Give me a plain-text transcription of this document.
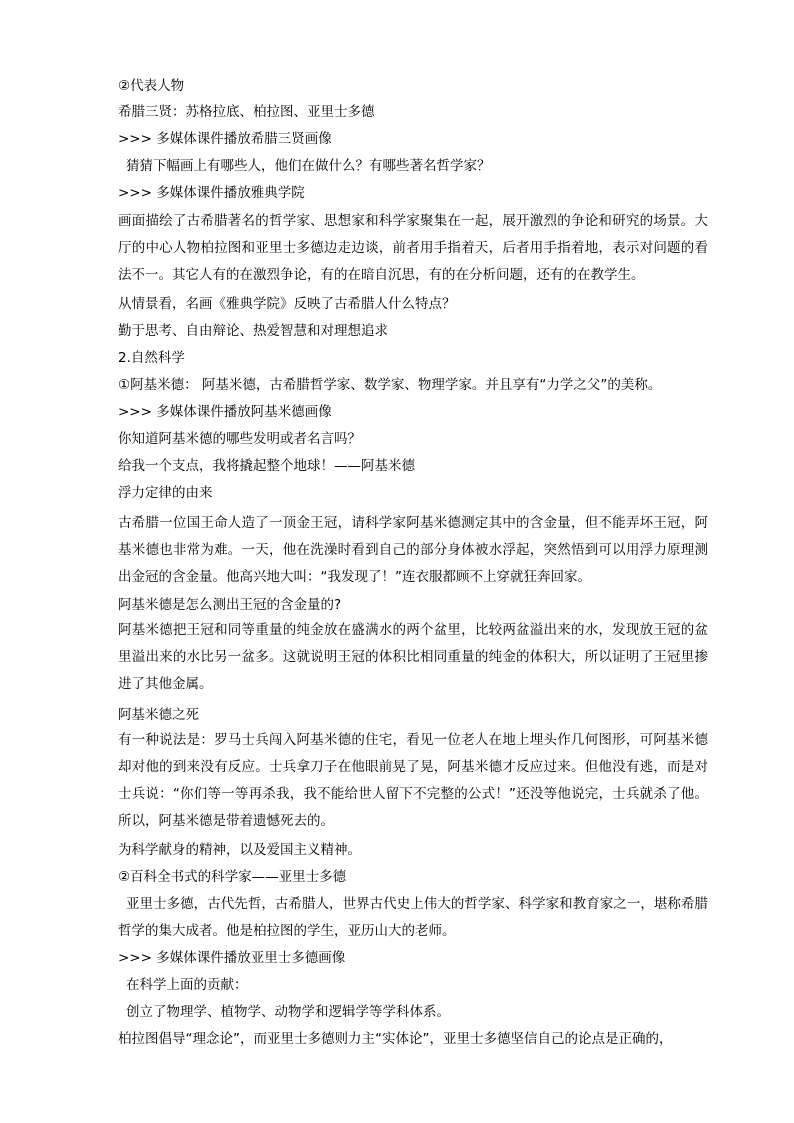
②代表人物
希腊三贤：苏格拉底、柏拉图、亚里士多德
>>> 多媒体课件播放希腊三贤画像
猜猜下幅画上有哪些人，他们在做什么？有哪些著名哲学家？
>>> 多媒体课件播放雅典学院
画面描绘了古希腊著名的哲学家、思想家和科学家聚集在一起，展开激烈的争论和研究的场景。大厅的中心人物柏拉图和亚里士多德边走边谈，前者用手指着天，后者用手指着地，表示对问题的看法不一。其它人有的在激烈争论，有的在暗自沉思，有的在分析问题，还有的在教学生。
从情景看，名画《雅典学院》反映了古希腊人什么特点？
勤于思考、自由辩论、热爱智慧和对理想追求
2.自然科学
①阿基米德： 阿基米德，古希腊哲学家、数学家、物理学家。并且享有“力学之父”的美称。
>>> 多媒体课件播放阿基米德画像
你知道阿基米德的哪些发明或者名言吗？
给我一个支点，我将撬起整个地球！——阿基米德
浮力定律的由来
古希腊一位国王命人造了一顶金王冠，请科学家阿基米德测定其中的含金量，但不能弄坏王冠，阿基米德也非常为难。一天，他在洗澡时看到自己的部分身体被水浮起，突然悟到可以用浮力原理测出金冠的含金量。他高兴地大叫：“我发现了！”连衣服都顾不上穿就狂奔回家。
阿基米德是怎么测出王冠的含金量的?
阿基米德把王冠和同等重量的纯金放在盛满水的两个盆里，比较两盆溢出来的水，发现放王冠的盆里溢出来的水比另一盆多。这就说明王冠的体积比相同重量的纯金的体积大，所以证明了王冠里掺进了其他金属。
阿基米德之死
有一种说法是：罗马士兵闯入阿基米德的住宅，看见一位老人在地上埋头作几何图形，可阿基米德却对他的到来没有反应。士兵拿刀子在他眼前晃了晃，阿基米德才反应过来。但他没有逃，而是对士兵说：“你们等一等再杀我，我不能给世人留下不完整的公式！”还没等他说完，士兵就杀了他。所以，阿基米德是带着遗憾死去的。
为科学献身的精神，以及爱国主义精神。
②百科全书式的科学家——亚里士多德
亚里士多德，古代先哲，古希腊人，世界古代史上伟大的哲学家、科学家和教育家之一，堪称希腊哲学的集大成者。他是柏拉图的学生，亚历山大的老师。
>>> 多媒体课件播放亚里士多德画像
在科学上面的贡献：
创立了物理学、植物学、动物学和逻辑学等学科体系。
柏拉图倡导“理念论”，而亚里士多德则力主“实体论”，亚里士多德坚信自己的论点是正确的，
